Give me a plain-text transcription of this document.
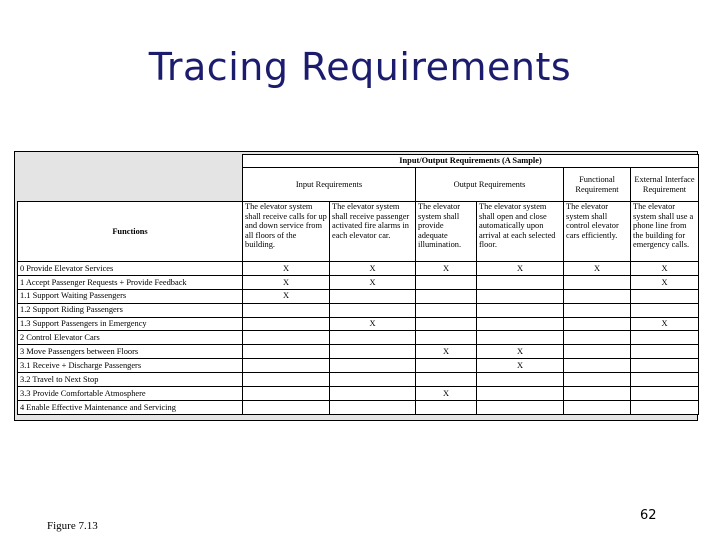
Tracing Requirements
	Input/Output Requirements (A Sample)					
	Input Requirements		Output Requirements		Functional Requirement	External Interface Requirement
Functions	The elevator system shall receive calls for up and down service from all floors of the building.	The elevator system shall receive passenger activated fire alarms in each elevator car.	The elevator system shall provide adequate illumination.	The elevator system shall open and close automatically upon arrival at each selected floor.	The elevator system shall control elevator cars efficiently.	The elevator system shall use a phone line from the building for emergency calls.
0 Provide Elevator Services	X	X	X	X	X	X
1 Accept Passenger Requests + Provide Feedback	X	X				X
1.1 Support Waiting Passengers	X					
1.2 Support Riding Passengers						
1.3 Support Passengers in Emergency		X				X
2 Control Elevator Cars						
3 Move Passengers between Floors			X	X		
3.1 Receive + Discharge Passengers				X		
3.2 Travel to Next Stop						
3.3 Provide Comfortable Atmosphere			X			
4 Enable Effective Maintenance and Servicing						
Figure 7.13
62
